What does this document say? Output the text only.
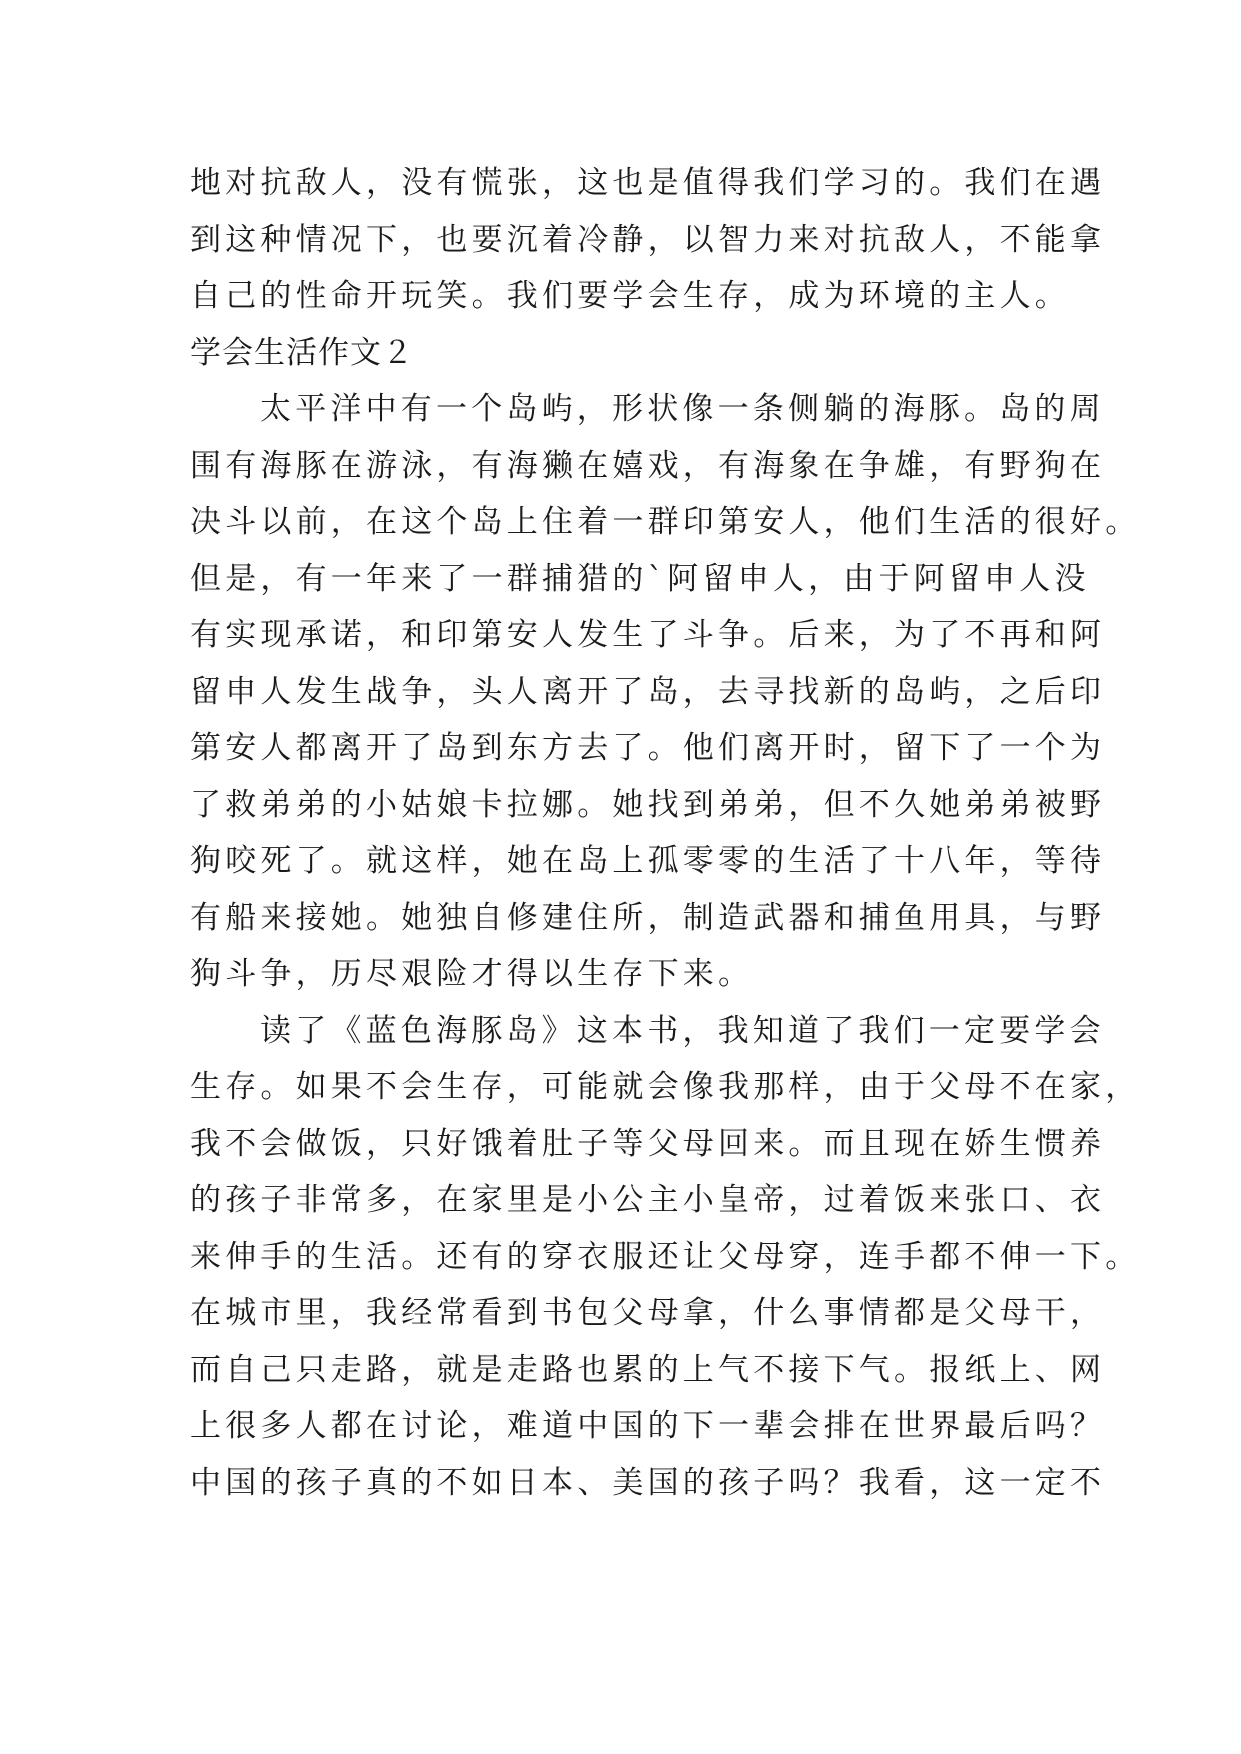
地对抗敌人，没有慌张，这也是值得我们学习的。我们在遇
到这种情况下，也要沉着冷静，以智力来对抗敌人，不能拿
自己的性命开玩笑。我们要学会生存，成为环境的主人。
学会生活作文２
太平洋中有一个岛屿，形状像一条侧躺的海豚。岛的周
围有海豚在游泳，有海獭在嬉戏，有海象在争雄，有野狗在
决斗以前，在这个岛上住着一群印第安人，他们生活的很好。
但是，有一年来了一群捕猎的`阿留申人，由于阿留申人没
有实现承诺，和印第安人发生了斗争。后来，为了不再和阿
留申人发生战争，头人离开了岛，去寻找新的岛屿，之后印
第安人都离开了岛到东方去了。他们离开时，留下了一个为
了救弟弟的小姑娘卡拉娜。她找到弟弟，但不久她弟弟被野
狗咬死了。就这样，她在岛上孤零零的生活了十八年，等待
有船来接她。她独自修建住所，制造武器和捕鱼用具，与野
狗斗争，历尽艰险才得以生存下来。
读了《蓝色海豚岛》这本书，我知道了我们一定要学会
生存。如果不会生存，可能就会像我那样，由于父母不在家，
我不会做饭，只好饿着肚子等父母回来。而且现在娇生惯养
的孩子非常多，在家里是小公主小皇帝，过着饭来张口、衣
来伸手的生活。还有的穿衣服还让父母穿，连手都不伸一下。
在城市里，我经常看到书包父母拿，什么事情都是父母干，
而自己只走路，就是走路也累的上气不接下气。报纸上、网
上很多人都在讨论，难道中国的下一辈会排在世界最后吗？
中国的孩子真的不如日本、美国的孩子吗？我看，这一定不
